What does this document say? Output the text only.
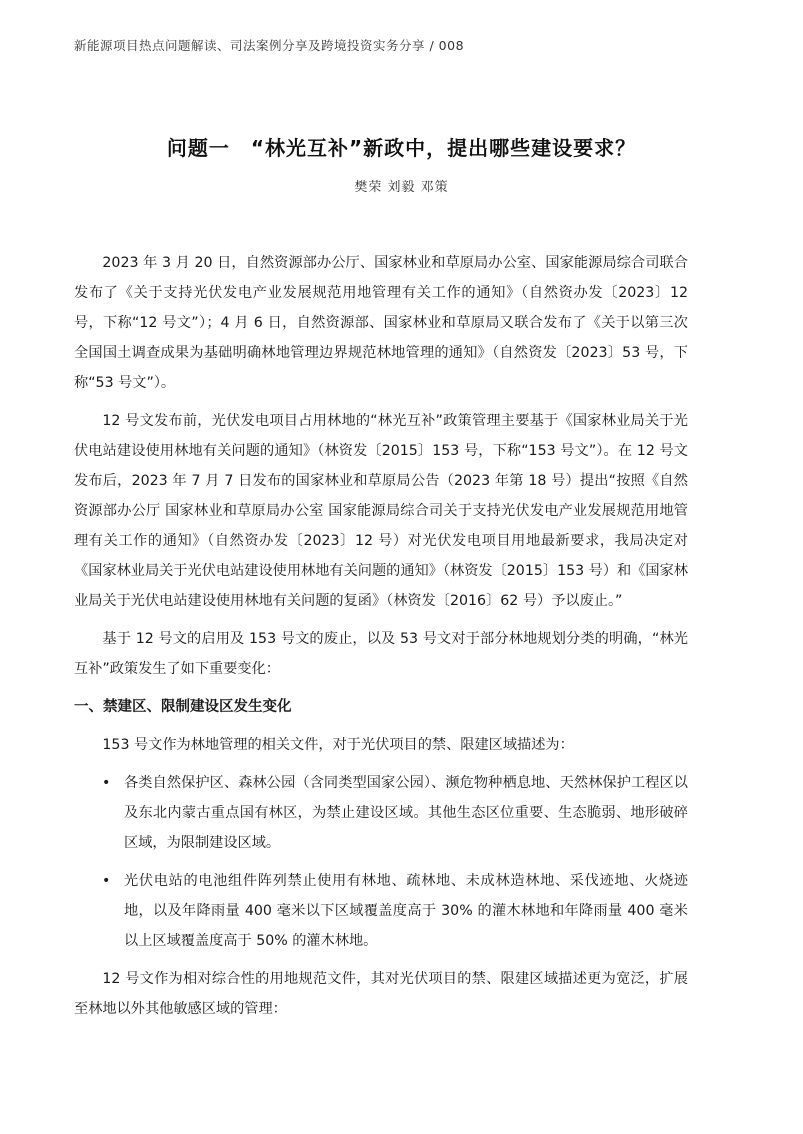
新能源项目热点问题解读、司法案例分享及跨境投资实务分享 / 008
问题一　“林光互补”新政中，提出哪些建设要求？
樊荣 刘毅 邓策

2023 年 3 月 20 日，自然资源部办公厅、国家林业和草原局办公室、国家能源局综合司联合发布了《关于支持光伏发电产业发展规范用地管理有关工作的通知》（自然资办发〔2023〕12 号，下称“12 号文”）；4 月 6 日，自然资源部、国家林业和草原局又联合发布了《关于以第三次全国国土调查成果为基础明确林地管理边界规范林地管理的通知》（自然资发〔2023〕53 号，下称“53 号文”）。

12 号文发布前，光伏发电项目占用林地的“林光互补”政策管理主要基于《国家林业局关于光伏电站建设使用林地有关问题的通知》（林资发〔2015〕153 号，下称“153 号文”）。在 12 号文发布后，2023 年 7 月 7 日发布的国家林业和草原局公告（2023 年第 18 号）提出“按照《自然资源部办公厅 国家林业和草原局办公室 国家能源局综合司关于支持光伏发电产业发展规范用地管理有关工作的通知》（自然资办发〔2023〕12 号）对光伏发电项目用地最新要求，我局决定对《国家林业局关于光伏电站建设使用林地有关问题的通知》（林资发〔2015〕153 号）和《国家林业局关于光伏电站建设使用林地有关问题的复函》（林资发〔2016〕62 号）予以废止。”

基于 12 号文的启用及 153 号文的废止，以及 53 号文对于部分林地规划分类的明确，“林光互补”政策发生了如下重要变化：

一、禁建区、限制建设区发生变化

153 号文作为林地管理的相关文件，对于光伏项目的禁、限建区域描述为：

• 各类自然保护区、森林公园（含同类型国家公园）、濒危物种栖息地、天然林保护工程区以及东北内蒙古重点国有林区，为禁止建设区域。其他生态区位重要、生态脆弱、地形破碎区域，为限制建设区域。
• 光伏电站的电池组件阵列禁止使用有林地、疏林地、未成林造林地、采伐迹地、火烧迹地，以及年降雨量 400 毫米以下区域覆盖度高于 30% 的灌木林地和年降雨量 400 毫米以上区域覆盖度高于 50% 的灌木林地。

12 号文作为相对综合性的用地规范文件，其对光伏项目的禁、限建区域描述更为宽泛，扩展至林地以外其他敏感区域的管理：
